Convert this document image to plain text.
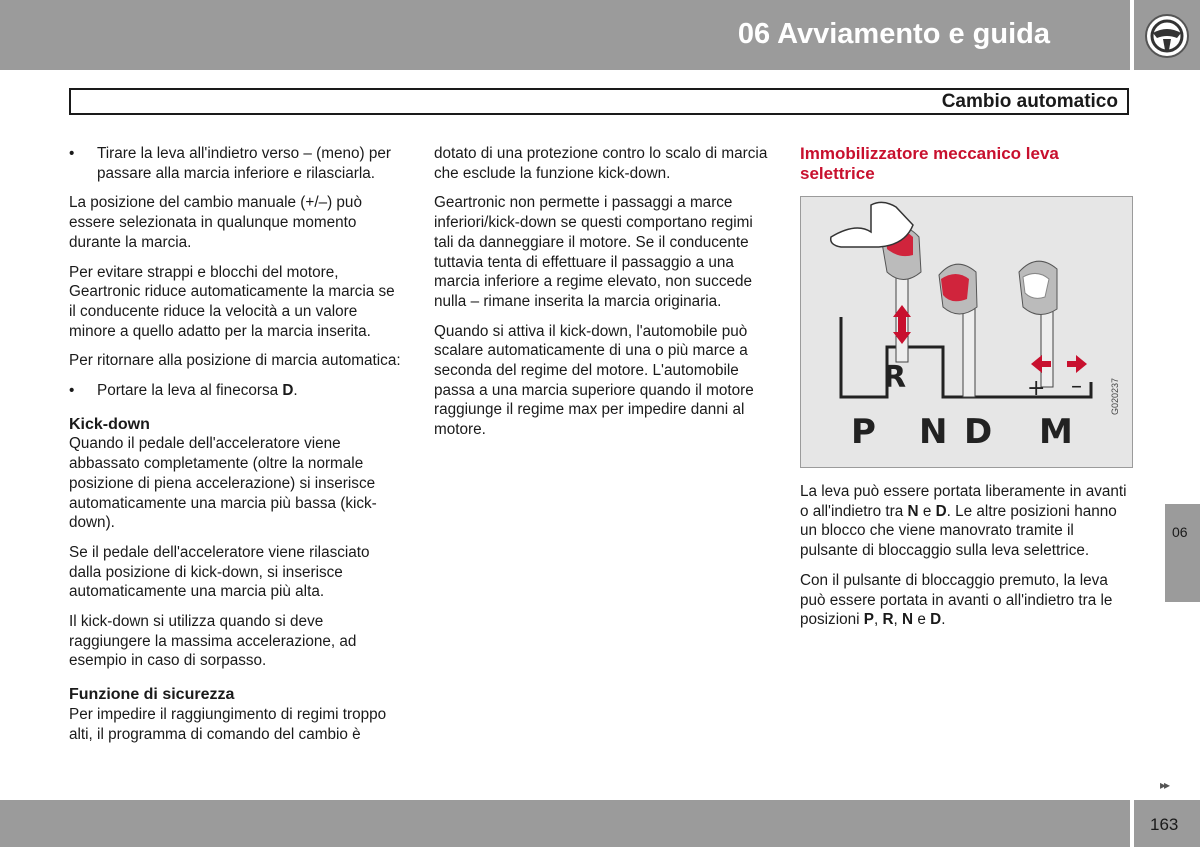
06 Avviamento e guida
Cambio automatico
• Tirare la leva all'indietro verso – (meno) per passare alla marcia inferiore e rilasciarla.

La posizione del cambio manuale (+/–) può essere selezionata in qualunque momento durante la marcia.

Per evitare strappi e blocchi del motore, Geartronic riduce automaticamente la marcia se il conducente riduce la velocità a un valore minore a quello adatto per la marcia inserita.

Per ritornare alla posizione di marcia automatica:

• Portare la leva al finecorsa D.
Kick-down

Quando il pedale dell'acceleratore viene abbassato completamente (oltre la normale posizione di piena accelerazione) si inserisce automaticamente una marcia più bassa (kick-down).

Se il pedale dell'acceleratore viene rilasciato dalla posizione di kick-down, si inserisce automaticamente una marcia più alta.

Il kick-down si utilizza quando si deve raggiungere la massima accelerazione, ad esempio in caso di sorpasso.

Funzione di sicurezza

Per impedire il raggiungimento di regimi troppo alti, il programma di comando del cambio è

dotato di una protezione contro lo scalo di marcia che esclude la funzione kick-down.

Geartronic non permette i passaggi a marce inferiori/kick-down se questi comportano regimi tali da danneggiare il motore. Se il conducente tuttavia tenta di effettuare il passaggio a una marcia inferiore a regime elevato, non succede nulla – rimane inserita la marcia originaria.

Quando si attiva il kick-down, l'automobile può scalare automaticamente di una o più marce a seconda del regime del motore. L'automobile passa a una marcia superiore quando il motore raggiunge il regime max per impedire danni al motore.

Immobilizzatore meccanico leva selettrice
R	+ –
P N D M
G020237

La leva può essere portata liberamente in avanti o all'indietro tra N e D. Le altre posizioni hanno un blocco che viene manovrato tramite il pulsante di bloccaggio sulla leva selettrice.

Con il pulsante di bloccaggio premuto, la leva può essere portata in avanti o all'indietro tra le posizioni P, R, N e D.

06
▸▸
163
